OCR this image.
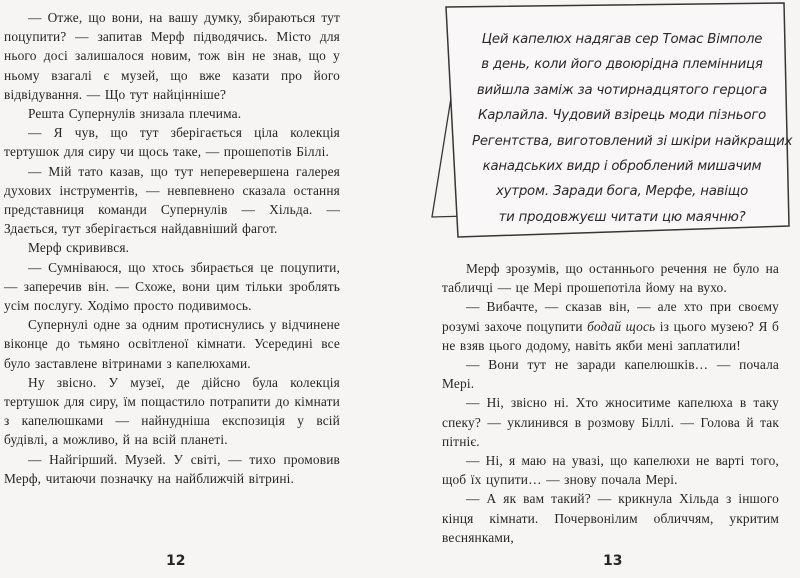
— Отже, що вони, на вашу думку, збираються тут поцупити? — запитав Мерф підводячись. Місто для нього досі залишалося новим, тож він не знав, що у ньому взагалі є музей, що вже казати про його відвідування. — Що тут найцінніше?

Решта Супернулів знизала плечима.

— Я чув, що тут зберігається ціла колекція тертушок для сиру чи щось таке, — прошепотів Біллі.

— Мій тато казав, що тут неперевершена галерея духових інструментів, — невпевнено сказала остання представниця команди Супернулів — Хільда. — Здається, тут зберігається найдавніший фагот.

Мерф скривився.

— Сумніваюся, що хтось збирається це поцупити, — заперечив він. — Схоже, вони цим тільки зроблять усім послугу. Ходімо просто подивимось.

Супернулі одне за одним протиснулись у відчинене віконце до тьмяно освітленої кімнати. Усередині все було заставлене вітринами з капелюхами.

Ну звісно. У музеї, де дійсно була колекція тертушок для сиру, їм пощастило потрапити до кімнати з капелюшками — найнудніша експозиція у всій будівлі, а можливо, й на всій планеті.

— Найгірший. Музей. У світі, — тихо промовив Мерф, читаючи позначку на найближчій вітрині.

12
Цей капелюх надягав сер Томас Вімполе
в день, коли його двоюрідна племінниця
вийшла заміж за чотирнадцятого герцога
Карлайла. Чудовий взірець моди пізнього
Регентства, виготовлений зі шкіри найкращих
канадських видр і оброблений мишачим
хутром. Заради бога, Мерфе, навіщо
ти продовжуєш читати цю маячню?

Мерф зрозумів, що останнього речення не було на табличці — це Мері прошепотіла йому на вухо.

— Вибачте, — сказав він, — але хто при своєму розумі захоче поцупити бодай щось із цього музею? Я б не взяв цього додому, навіть якби мені заплатили!

— Вони тут не заради капелюшків… — почала Мері.

— Ні, звісно ні. Хто жноситиме капелюха в таку спеку? — уклинився в розмову Біллі. — Голова й так пітніє.

— Ні, я маю на увазі, що капелюхи не варті того, щоб їх цупити… — знову почала Мері.

— А як вам такий? — крикнула Хільда з іншого кінця кімнати. Почервонілим обличчям, укритим веснянками,

13
